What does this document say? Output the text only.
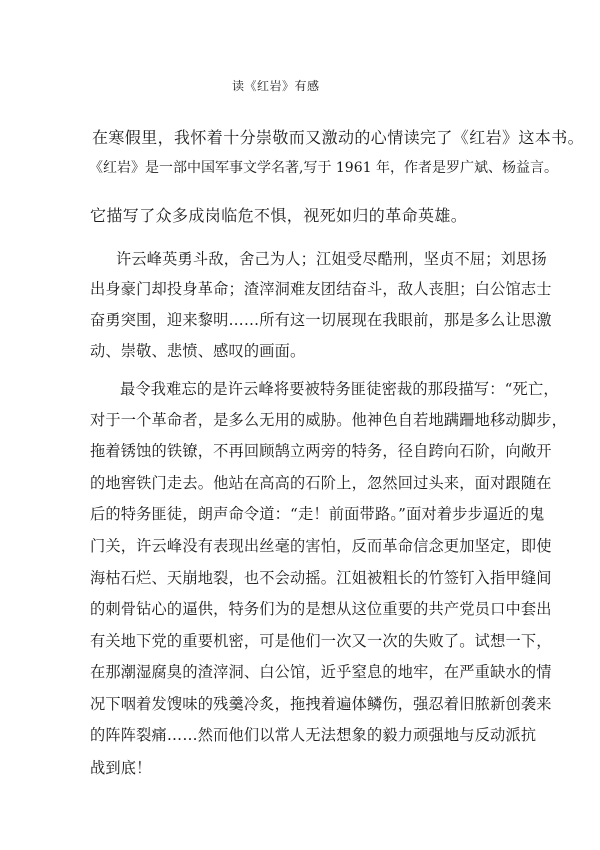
读《红岩》有感
在寒假里，我怀着十分崇敬而又激动的心情读完了《红岩》这本书。
《红岩》是一部中国军事文学名著,写于 1961 年，作者是罗广斌、杨益言。
它描写了众多成岗临危不惧，视死如归的革命英雄。
许云峰英勇斗敌，舍己为人；江姐受尽酷刑，坚贞不屈；刘思扬
出身豪门却投身革命；渣滓洞难友团结奋斗，敌人丧胆；白公馆志士
奋勇突围，迎来黎明……所有这一切展现在我眼前，那是多么让思激
动、崇敬、悲愤、感叹的画面。
最令我难忘的是许云峰将要被特务匪徒密裁的那段描写：“死亡，
对于一个革命者，是多么无用的威胁。他神色自若地蹒跚地移动脚步，
拖着锈蚀的铁镣，不再回顾鹄立两旁的特务，径自跨向石阶，向敞开
的地窖铁门走去。他站在高高的石阶上，忽然回过头来，面对跟随在
后的特务匪徒，朗声命令道：“走！前面带路。”面对着步步逼近的鬼
门关，许云峰没有表现出丝毫的害怕，反而革命信念更加坚定，即使
海枯石烂、天崩地裂，也不会动摇。江姐被粗长的竹签钉入指甲缝间
的刺骨钻心的逼供，特务们为的是想从这位重要的共产党员口中套出
有关地下党的重要机密，可是他们一次又一次的失败了。试想一下，
在那潮湿腐臭的渣滓洞、白公馆，近乎窒息的地牢，在严重缺水的情
况下咽着发馊味的残羹冷炙，拖拽着遍体鳞伤，强忍着旧脓新创袭来
的阵阵裂痛……然而他们以常人无法想象的毅力顽强地与反动派抗
战到底！
